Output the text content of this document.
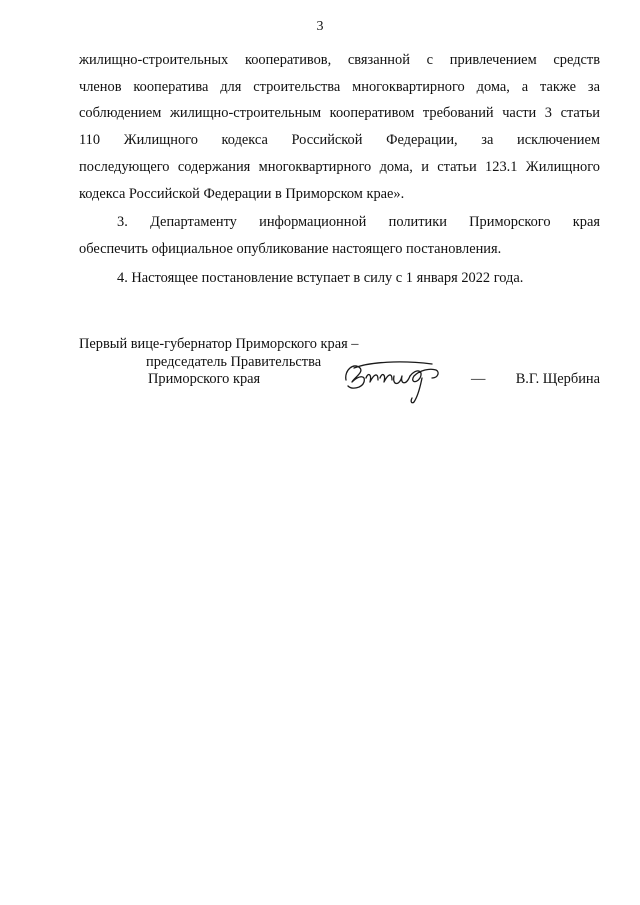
3
жилищно-строительных кооперативов, связанной с привлечением средств
членов кооператива для строительства многоквартирного дома, а также за
соблюдением жилищно-строительным кооперативом требований части 3 статьи
110 Жилищного кодекса Российской Федерации, за исключением
последующего содержания многоквартирного дома, и статьи 123.1 Жилищного
кодекса Российской Федерации в Приморском крае».
3. Департаменту информационной политики Приморского края
обеспечить официальное опубликование настоящего постановления.
4. Настоящее постановление вступает в силу с 1 января 2022 года.
Первый вице-губернатор Приморского края –
председатель Правительства
Приморского края	— В.Г. Щербина
